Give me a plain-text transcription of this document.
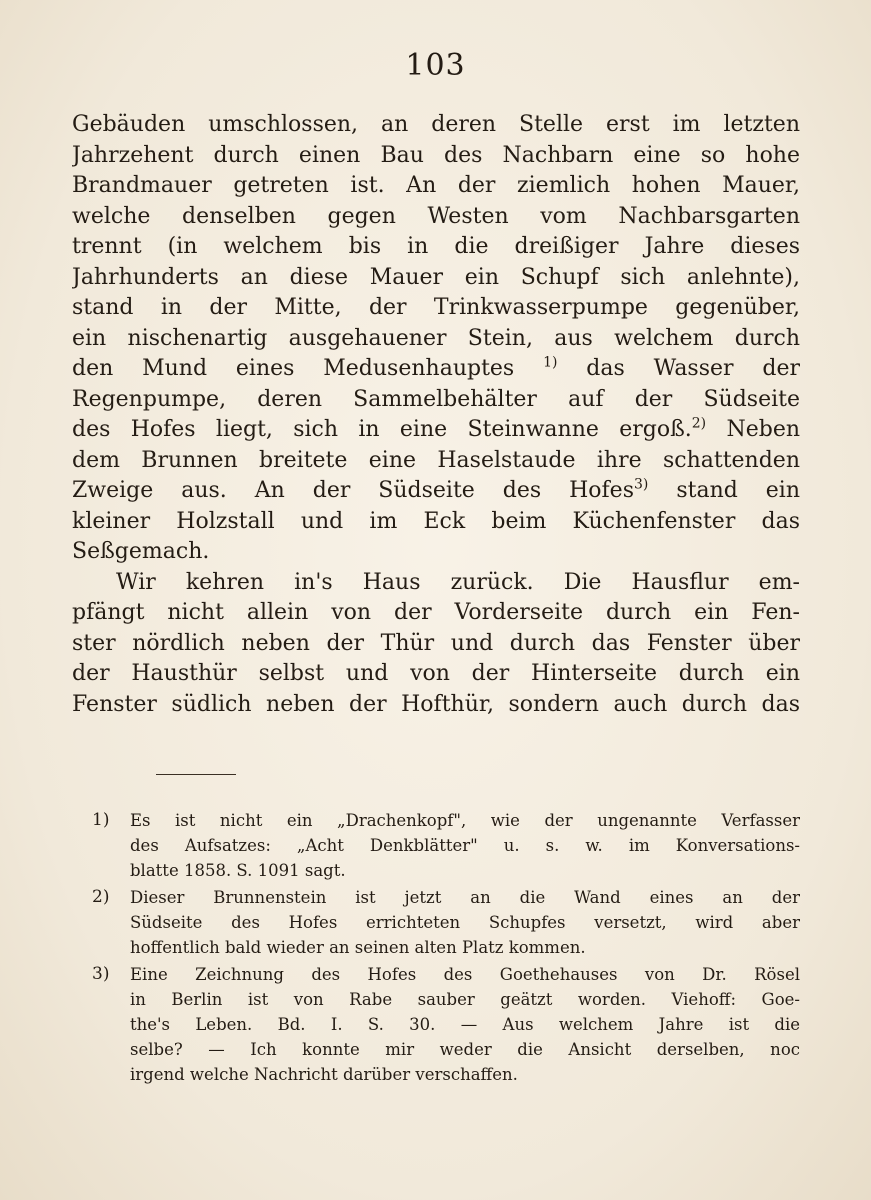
103
Gebäuden umschlossen, an deren Stelle erst im letzten
Jahrzehent durch einen Bau des Nachbarn eine so hohe
Brandmauer getreten ist. An der ziemlich hohen Mauer,
welche denselben gegen Westen vom Nachbarsgarten
trennt (in welchem bis in die dreißiger Jahre dieses
Jahrhunderts an diese Mauer ein Schupf sich anlehnte),
stand in der Mitte, der Trinkwasserpumpe gegenüber,
ein nischenartig ausgehauener Stein, aus welchem durch
den Mund eines Medusenhauptes $^{1)}$ das Wasser der
Regenpumpe, deren Sammelbehälter auf der Südseite
des Hofes liegt, sich in eine Steinwanne ergoß.$^{2)}$ Neben
dem Brunnen breitete eine Haselstaude ihre schattenden
Zweige aus. An der Südseite des Hofes$^{3)}$ stand ein
kleiner Holzstall und im Eck beim Küchenfenster das
Seßgemach.
Wir kehren in's Haus zurück. Die Hausflur em-
pfängt nicht allein von der Vorderseite durch ein Fen-
ster nördlich neben der Thür und durch das Fenster über
der Hausthür selbst und von der Hinterseite durch ein
Fenster südlich neben der Hofthür, sondern auch durch das
1)	Es ist nicht ein „Drachenkopf", wie der ungenannte Verfasser
des Aufsatzes: „Acht Denkblätter" u. s. w. im Konversations-
blatte 1858. S. 1091 sagt.
2)	Dieser Brunnenstein ist jetzt an die Wand eines an der
Südseite des Hofes errichteten Schupfes versetzt, wird aber
hoffentlich bald wieder an seinen alten Platz kommen.
3)	Eine Zeichnung des Hofes des Goethehauses von Dr. Rösel
in Berlin ist von Rabe sauber geätzt worden. Viehoff: Goe-
the's Leben. Bd. I. S. 30. — Aus welchem Jahre ist die
selbe? — Ich konnte mir weder die Ansicht derselben, noc
irgend welche Nachricht darüber verschaffen.
